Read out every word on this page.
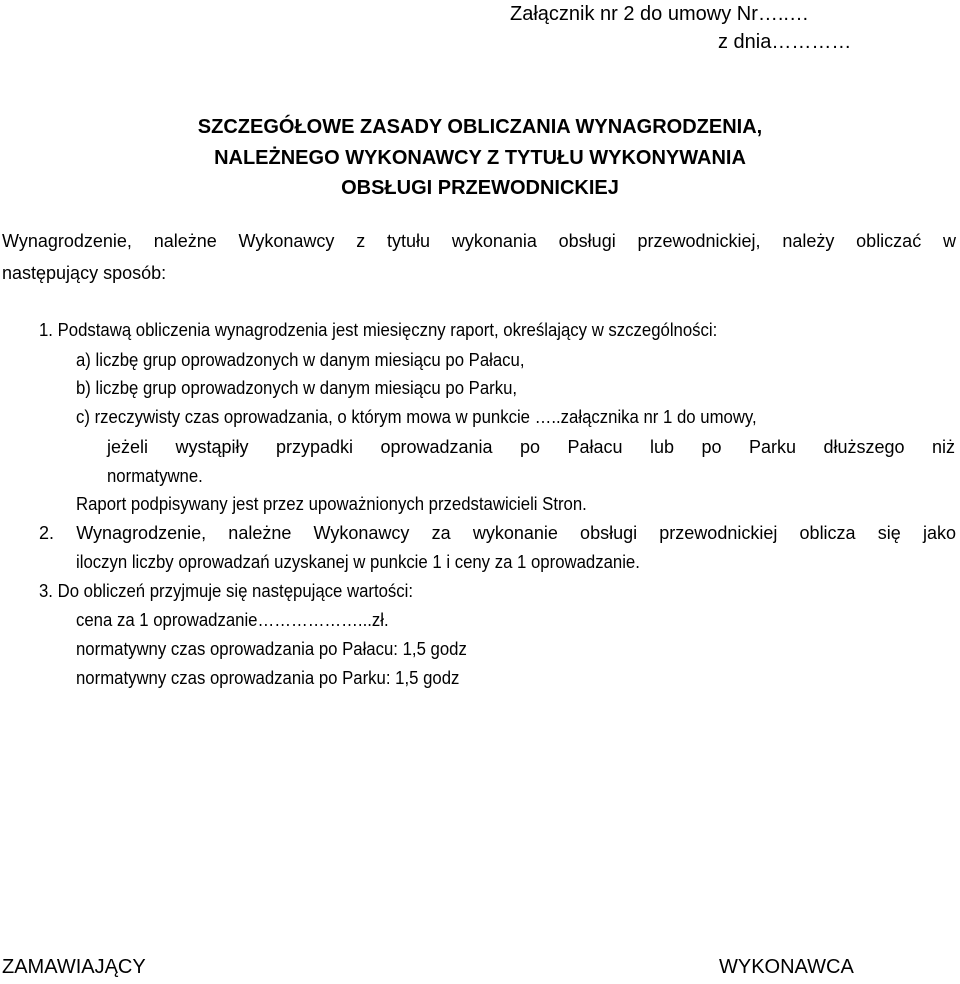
Załącznik nr 2 do umowy Nr…..…
z dnia…………
SZCZEGÓŁOWE ZASADY OBLICZANIA WYNAGRODZENIA,
NALEŻNEGO WYKONAWCY Z TYTUŁU WYKONYWANIA
OBSŁUGI PRZEWODNICKIEJ
Wynagrodzenie, należne Wykonawcy z tytułu wykonania obsługi przewodnickiej, należy obliczać w
następujący sposób:
1. Podstawą obliczenia wynagrodzenia jest miesięczny raport, określający w szczególności:
a) liczbę grup oprowadzonych w danym miesiącu po Pałacu,
b) liczbę grup oprowadzonych w danym miesiącu po Parku,
c) rzeczywisty czas oprowadzania, o którym mowa w punkcie …..załącznika nr 1 do umowy,
jeżeli wystąpiły przypadki oprowadzania po Pałacu lub po Parku dłuższego niż
normatywne.
Raport podpisywany jest przez upoważnionych przedstawicieli Stron.
2. Wynagrodzenie, należne Wykonawcy za wykonanie obsługi przewodnickiej oblicza się jako
iloczyn liczby oprowadzań uzyskanej w punkcie 1 i ceny za 1 oprowadzanie.
3. Do obliczeń przyjmuje się następujące wartości:
cena za 1 oprowadzanie………………...zł.
normatywny czas oprowadzania po Pałacu: 1,5 godz
normatywny czas oprowadzania po Parku: 1,5 godz
ZAMAWIAJĄCY	WYKONAWCA
